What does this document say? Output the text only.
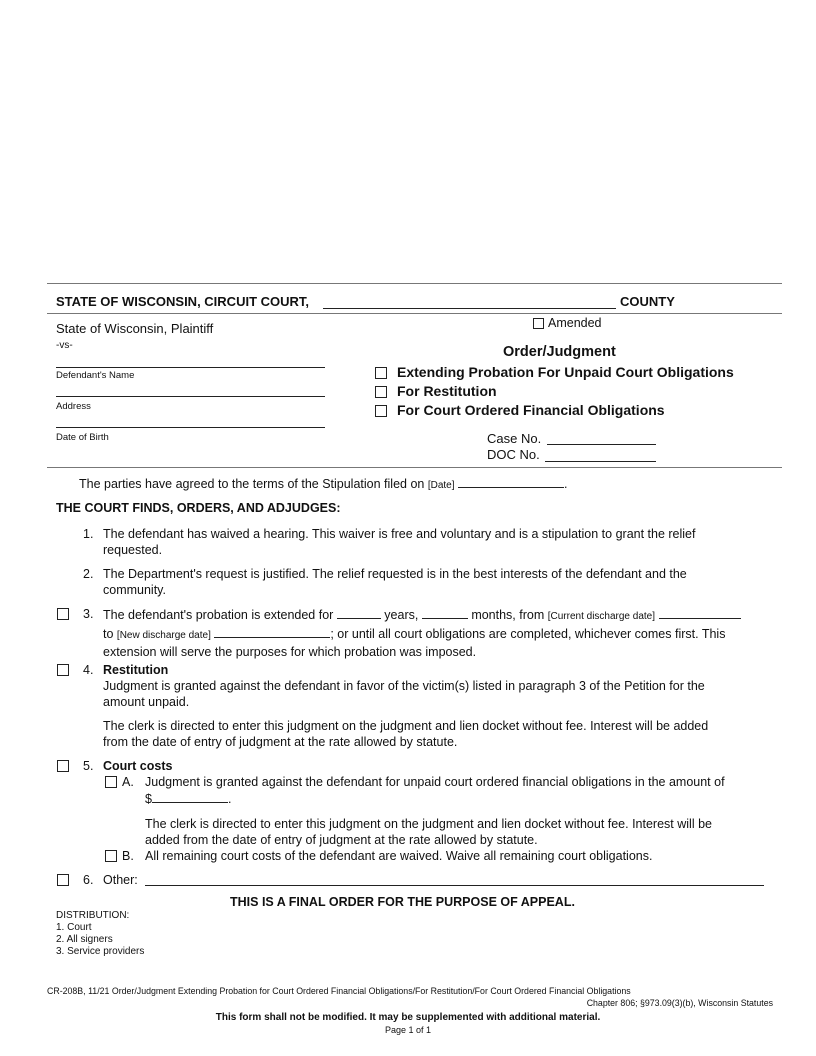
STATE OF WISCONSIN, CIRCUIT COURT,	COUNTY
State of Wisconsin, Plaintiff
-vs-
Defendant's Name
Address
Date of Birth
Amended
Order/Judgment
Extending Probation For Unpaid Court Obligations
For Restitution
For Court Ordered Financial Obligations
Case No.
DOC No.
The parties have agreed to the terms of the Stipulation filed on [Date]	.
THE COURT FINDS, ORDERS, AND ADJUDGES:
1. The defendant has waived a hearing. This waiver is free and voluntary and is a stipulation to grant the relief
requested.
2. The Department's request is justified. The relief requested is in the best interests of the defendant and the
community.
3. The defendant's probation is extended for	years,	months, from [Current discharge date]
to [New discharge date]	; or until all court obligations are completed, whichever comes first. This
extension will serve the purposes for which probation was imposed.
4. Restitution
Judgment is granted against the defendant in favor of the victim(s) listed in paragraph 3 of the Petition for the
amount unpaid.
The clerk is directed to enter this judgment on the judgment and lien docket without fee. Interest will be added
from the date of entry of judgment at the rate allowed by statute.
5. Court costs
A. Judgment is granted against the defendant for unpaid court ordered financial obligations in the amount of
$	.
The clerk is directed to enter this judgment on the judgment and lien docket without fee. Interest will be
added from the date of entry of judgment at the rate allowed by statute.
B. All remaining court costs of the defendant are waived. Waive all remaining court obligations.
6. Other:
THIS IS A FINAL ORDER FOR THE PURPOSE OF APPEAL.
DISTRIBUTION:
1. Court
2. All signers
3. Service providers
CR-208B, 11/21 Order/Judgment Extending Probation for Court Ordered Financial Obligations/For Restitution/For Court Ordered Financial Obligations
Chapter 806; §973.09(3)(b), Wisconsin Statutes
This form shall not be modified. It may be supplemented with additional material.
Page 1 of 1
